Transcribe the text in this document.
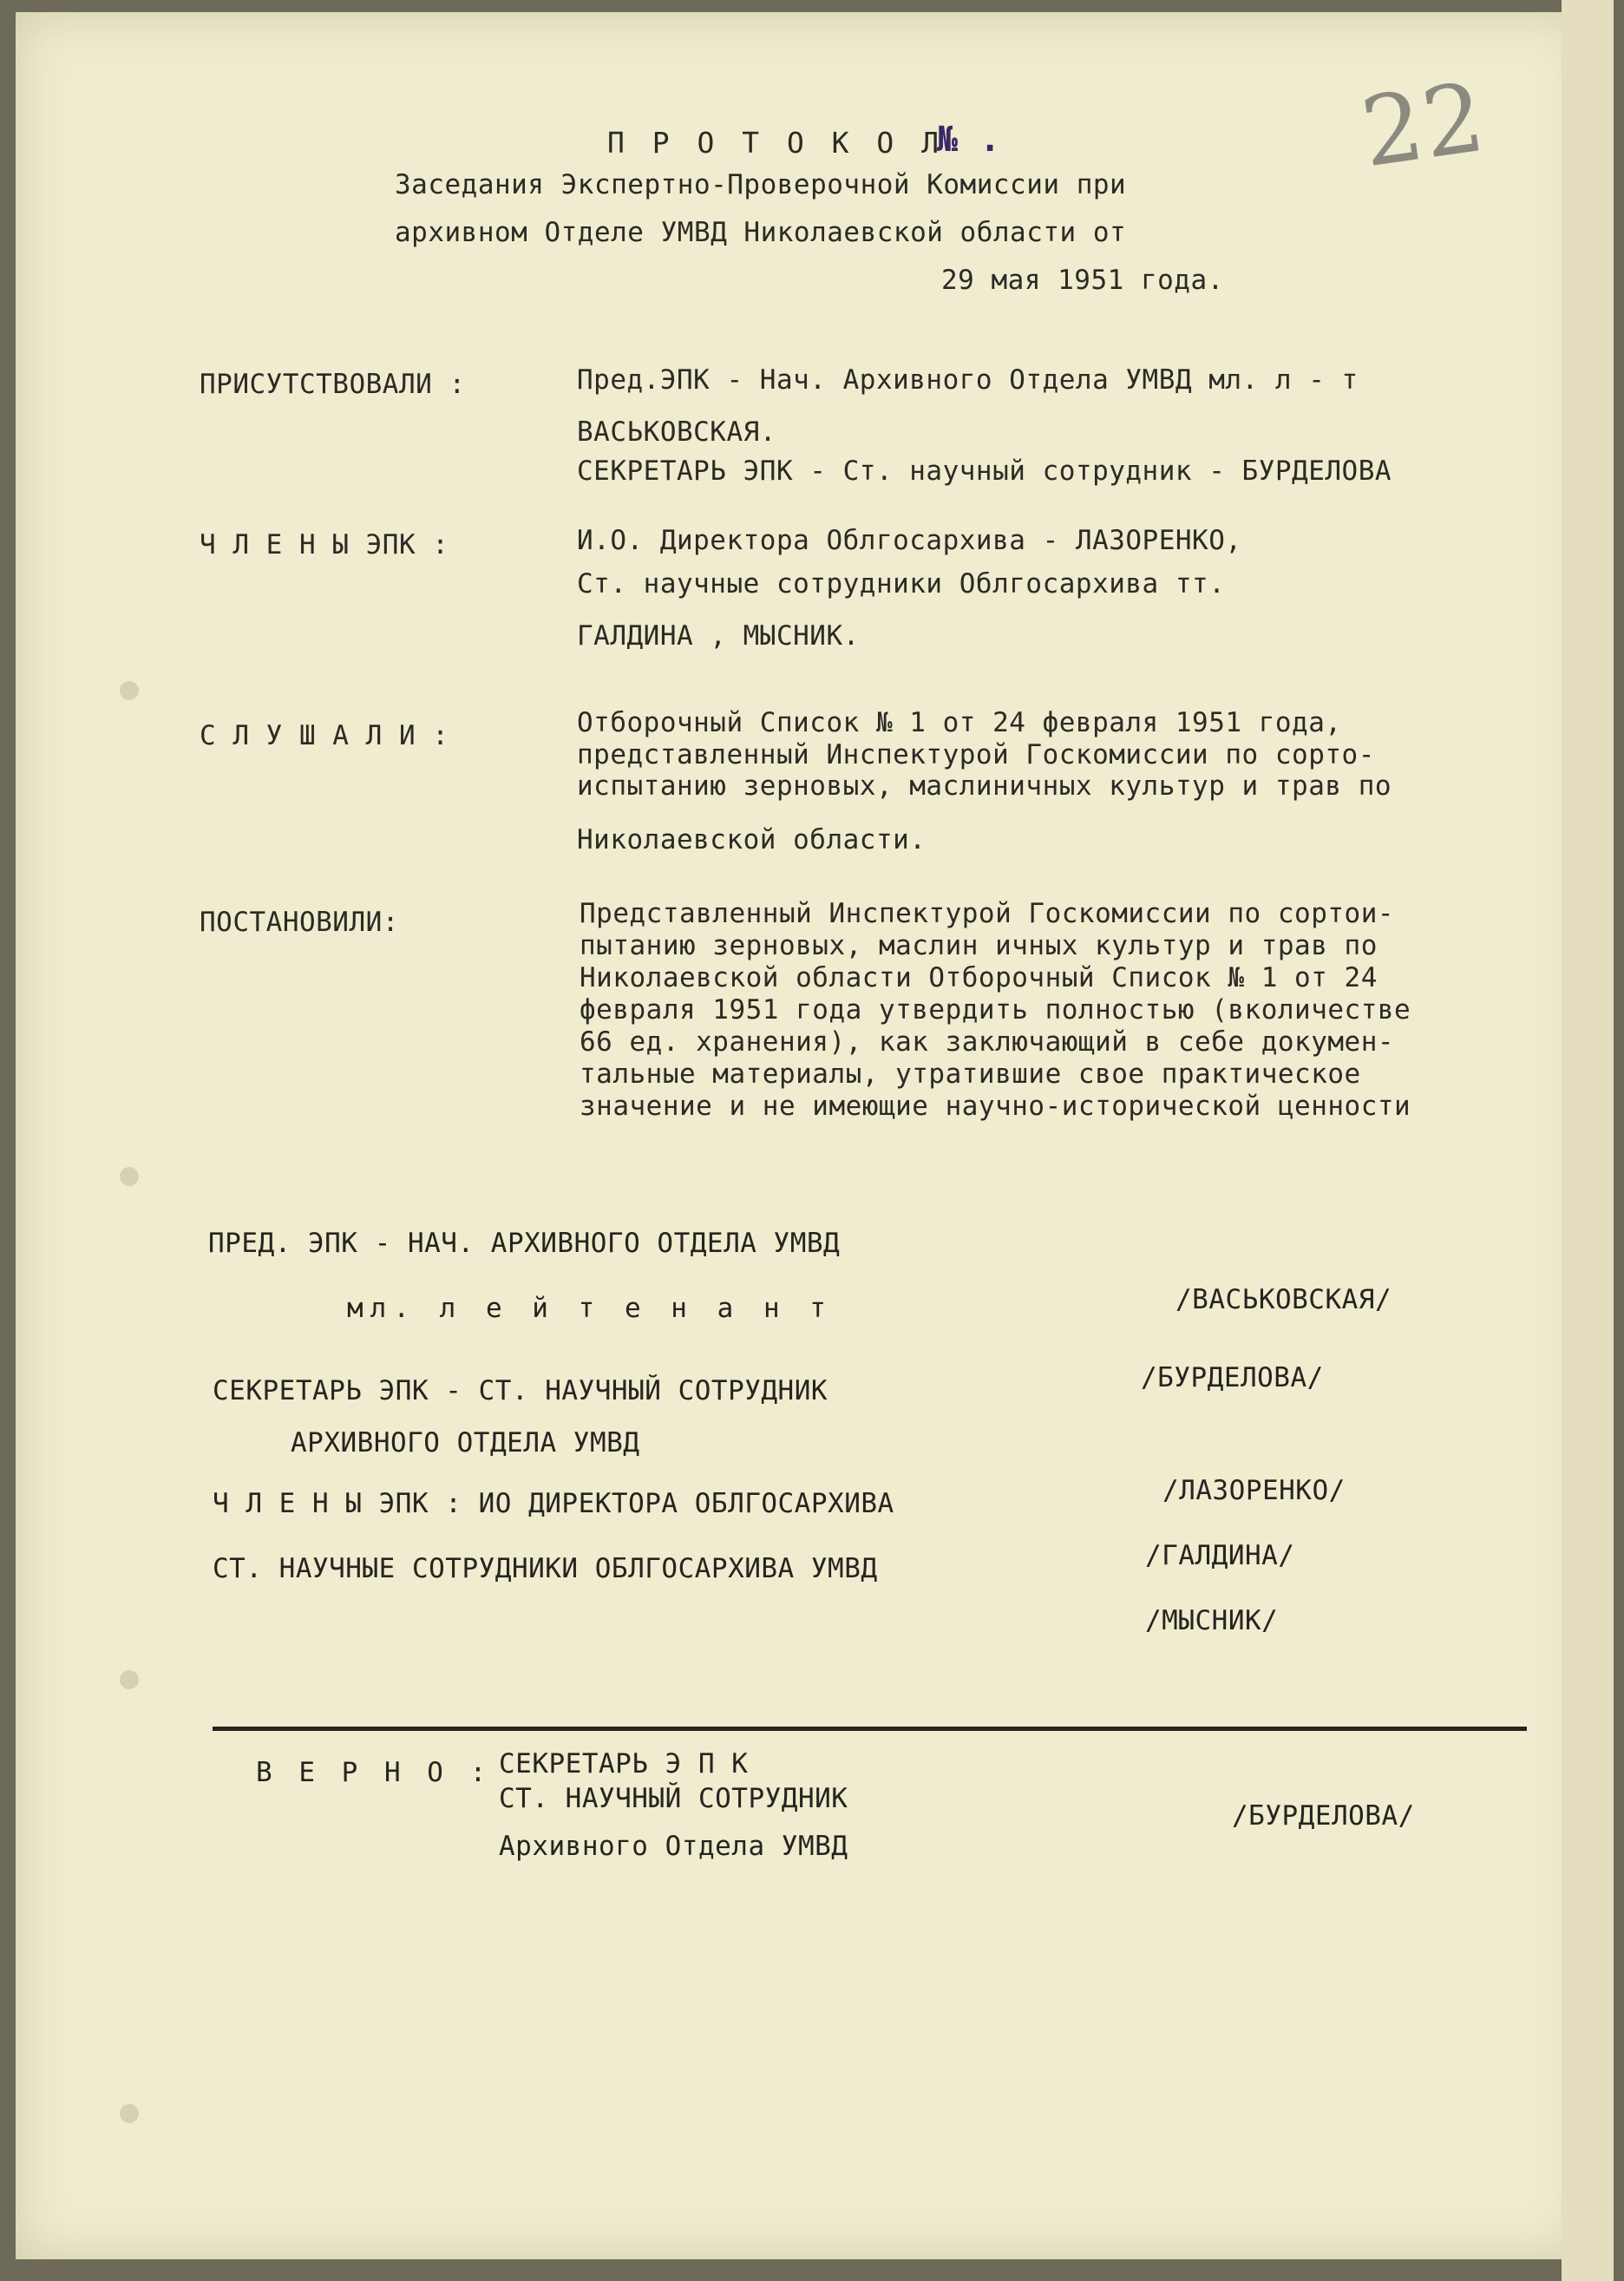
П Р О Т О К О Л
№ .
Заседания Экспертно-Проверочной Комиссии при
архивном Отделе УМВД Николаевской области от
29 мая 1951 года.
22
ПРИСУТСТВОВАЛИ :	Пред.ЭПК - Нач. Архивного Отдела УМВД мл. л - т
ВАСЬКОВСКАЯ.
СЕКРЕТАРЬ ЭПК - Ст. научный сотрудник - БУРДЕЛОВА
Ч Л Е Н Ы ЭПК :	И.О. Директора Облгосархива - ЛАЗОРЕНКО,
Ст. научные сотрудники Облгосархива тт.
ГАЛДИНА , МЫСНИК.
С Л У Ш А Л И :	Отборочный Список № 1 от 24 февраля 1951 года,
представленный Инспектурой Госкомиссии по сорто-
испытанию зерновых, маслиничных культур и трав по
Николаевской области.
ПОСТАНОВИЛИ:	Представленный Инспектурой Госкомиссии по сортои-
пытанию зерновых, маслин ичных культур и трав по
Николаевской области Отборочный Список № 1 от 24
февраля 1951 года утвердить полностью (вколичестве
66 ед. хранения), как заключающий в себе докумен-
тальные материалы, утратившие свое практическое
значение и не имеющие научно-исторической ценности
ПРЕД. ЭПК - НАЧ. АРХИВНОГО ОТДЕЛА УМВД
мл. л е й т е н а н т	/ВАСЬКОВСКАЯ/
СЕКРЕТАРЬ ЭПК - СТ. НАУЧНЫЙ СОТРУДНИК
АРХИВНОГО ОТДЕЛА УМВД
/БУРДЕЛОВА/
Ч Л Е Н Ы ЭПК : ИО ДИРЕКТОРА ОБЛГОСАРХИВА	/ЛАЗОРЕНКО/
СТ. НАУЧНЫЕ СОТРУДНИКИ ОБЛГОСАРХИВА УМВД	/ГАЛДИНА/
/МЫСНИК/
В Е Р Н О : СЕКРЕТАРЬ Э П К
СТ. НАУЧНЫЙ СОТРУДНИК
Архивного Отдела УМВД
/БУРДЕЛОВА/
